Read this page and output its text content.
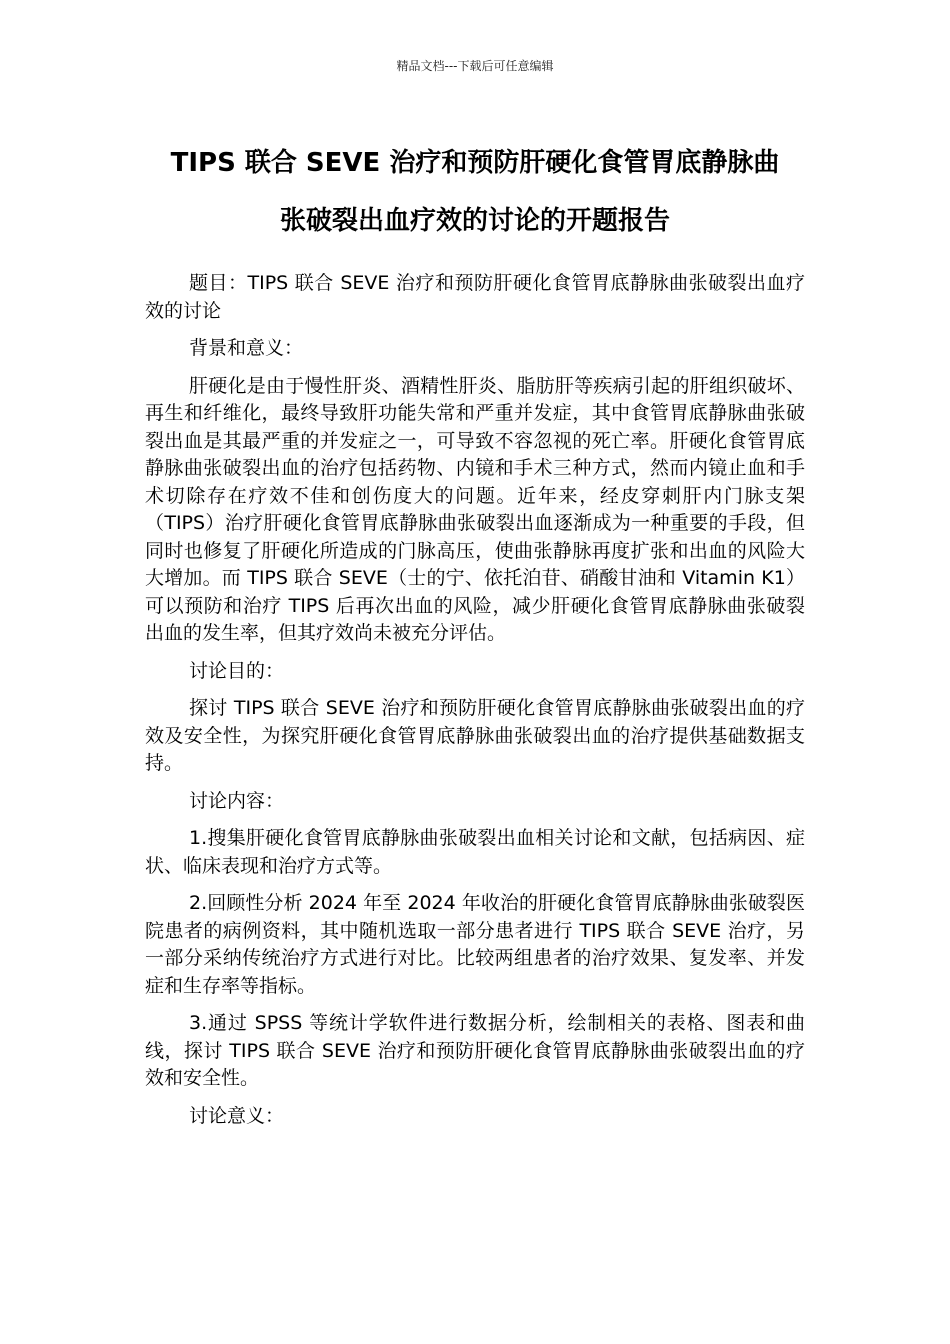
精品文档---下载后可任意编辑
TIPS 联合 SEVE 治疗和预防肝硬化食管胃底静脉曲
张破裂出血疗效的讨论的开题报告

题目：TIPS 联合 SEVE 治疗和预防肝硬化食管胃底静脉曲张破裂出血疗效的讨论

背景和意义：

肝硬化是由于慢性肝炎、酒精性肝炎、脂肪肝等疾病引起的肝组织破坏、再生和纤维化，最终导致肝功能失常和严重并发症，其中食管胃底静脉曲张破裂出血是其最严重的并发症之一，可导致不容忽视的死亡率。肝硬化食管胃底静脉曲张破裂出血的治疗包括药物、内镜和手术三种方式，然而内镜止血和手术切除存在疗效不佳和创伤度大的问题。近年来，经皮穿刺肝内门脉支架（TIPS）治疗肝硬化食管胃底静脉曲张破裂出血逐渐成为一种重要的手段，但同时也修复了肝硬化所造成的门脉高压，使曲张静脉再度扩张和出血的风险大大增加。而 TIPS 联合 SEVE（士的宁、依托泊苷、硝酸甘油和 Vitamin K1）可以预防和治疗 TIPS 后再次出血的风险，减少肝硬化食管胃底静脉曲张破裂出血的发生率，但其疗效尚未被充分评估。

讨论目的：

探讨 TIPS 联合 SEVE 治疗和预防肝硬化食管胃底静脉曲张破裂出血的疗效及安全性，为探究肝硬化食管胃底静脉曲张破裂出血的治疗提供基础数据支持。

讨论内容：

1.搜集肝硬化食管胃底静脉曲张破裂出血相关讨论和文献，包括病因、症状、临床表现和治疗方式等。

2.回顾性分析 2024 年至 2024 年收治的肝硬化食管胃底静脉曲张破裂医院患者的病例资料，其中随机选取一部分患者进行 TIPS 联合 SEVE 治疗，另一部分采纳传统治疗方式进行对比。比较两组患者的治疗效果、复发率、并发症和生存率等指标。

3.通过 SPSS 等统计学软件进行数据分析，绘制相关的表格、图表和曲线，探讨 TIPS 联合 SEVE 治疗和预防肝硬化食管胃底静脉曲张破裂出血的疗效和安全性。

讨论意义：
